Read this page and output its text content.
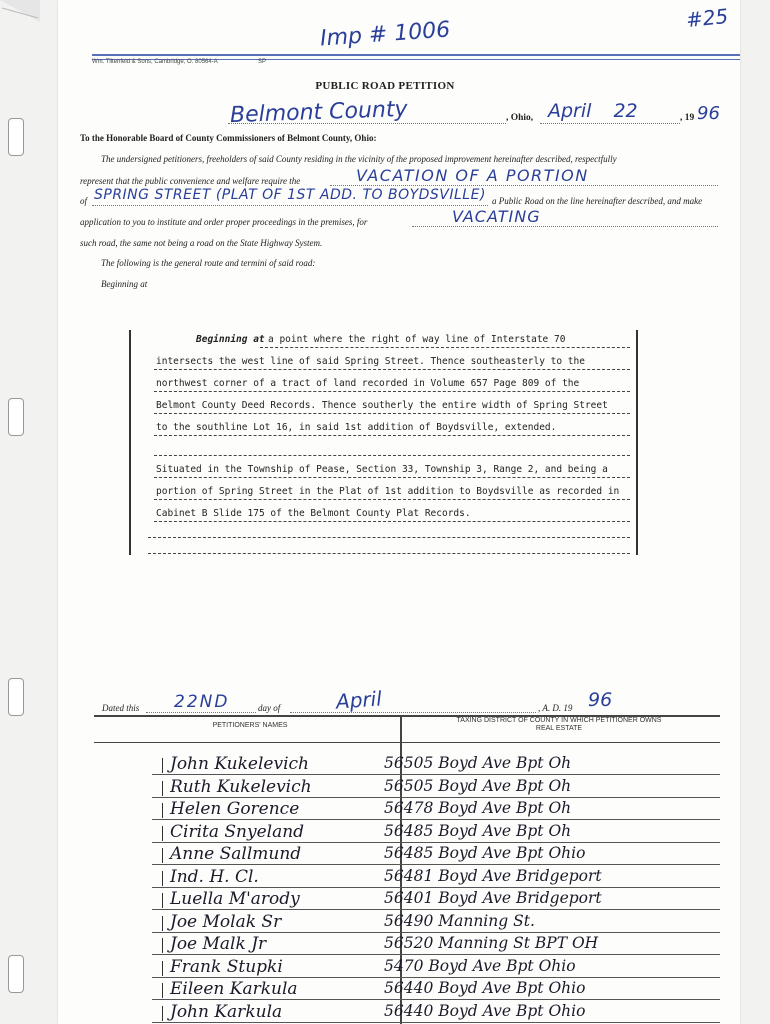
Imp # 1006	#25
Wm. Tiltenfeld & Sons, Cambridge, O. 80564-A	SP
PUBLIC ROAD PETITION
Belmont County	, Ohio, April 22	, 19 96
To the Honorable Board of County Commissioners of Belmont County, Ohio:
The undersigned petitioners, freeholders of said County residing in the vicinity of the proposed improvement hereinafter described, respectfully
represent that the public convenience and welfare require the	VACATION OF A PORTION
of SPRING STREET (PLAT OF 1ST ADD. TO BOYDSVILLE) a Public Road on the line hereinafter described, and make
application to you to institute and order proper proceedings in the premises, for	VACATING
such road, the same not being a road on the State Highway System.
The following is the general route and termini of said road:
Beginning at
Beginning at a point where the right of way line of Interstate 70
intersects the west line of said Spring Street. Thence southeasterly to the
northwest corner of a tract of land recorded in Volume 657 Page 809 of the
Belmont County Deed Records. Thence southerly the entire width of Spring Street
to the southline Lot 16, in said 1st addition of Boydsville, extended.
Situated in the Township of Pease, Section 33, Township 3, Range 2, and being a
portion of Spring Street in the Plat of 1st addition to Boydsville as recorded in
Cabinet B Slide 175 of the Belmont County Plat Records.
Dated this 22ND	day of	April	, A. D. 19 96
PETITIONERS' NAMES
TAXING DISTRICT OF COUNTY IN WHICH PETITIONER OWNS REAL ESTATE
John Kukelevich	56505 Boyd Ave Bpt Oh
Ruth Kukelevich	56505 Boyd Ave Bpt Oh
Helen Gorence	56478 Boyd Ave Bpt Oh
Cirita Snyeland	56485 Boyd Ave Bpt Oh
Anne Sallmund	56485 Boyd Ave Bpt Ohio
Ind. H. Cl.	56481 Boyd Ave Bridgeport
Luella M'arody	56401 Boyd Ave Bridgeport
Joe Molak Sr	56490 Manning St.
Joe Malk Jr	56520 Manning St BPT OH
Frank Stupki	5470 Boyd Ave Bpt Ohio
Eileen Karkula	56440 Boyd Ave Bpt Ohio
John Karkula	56440 Boyd Ave Bpt Ohio
